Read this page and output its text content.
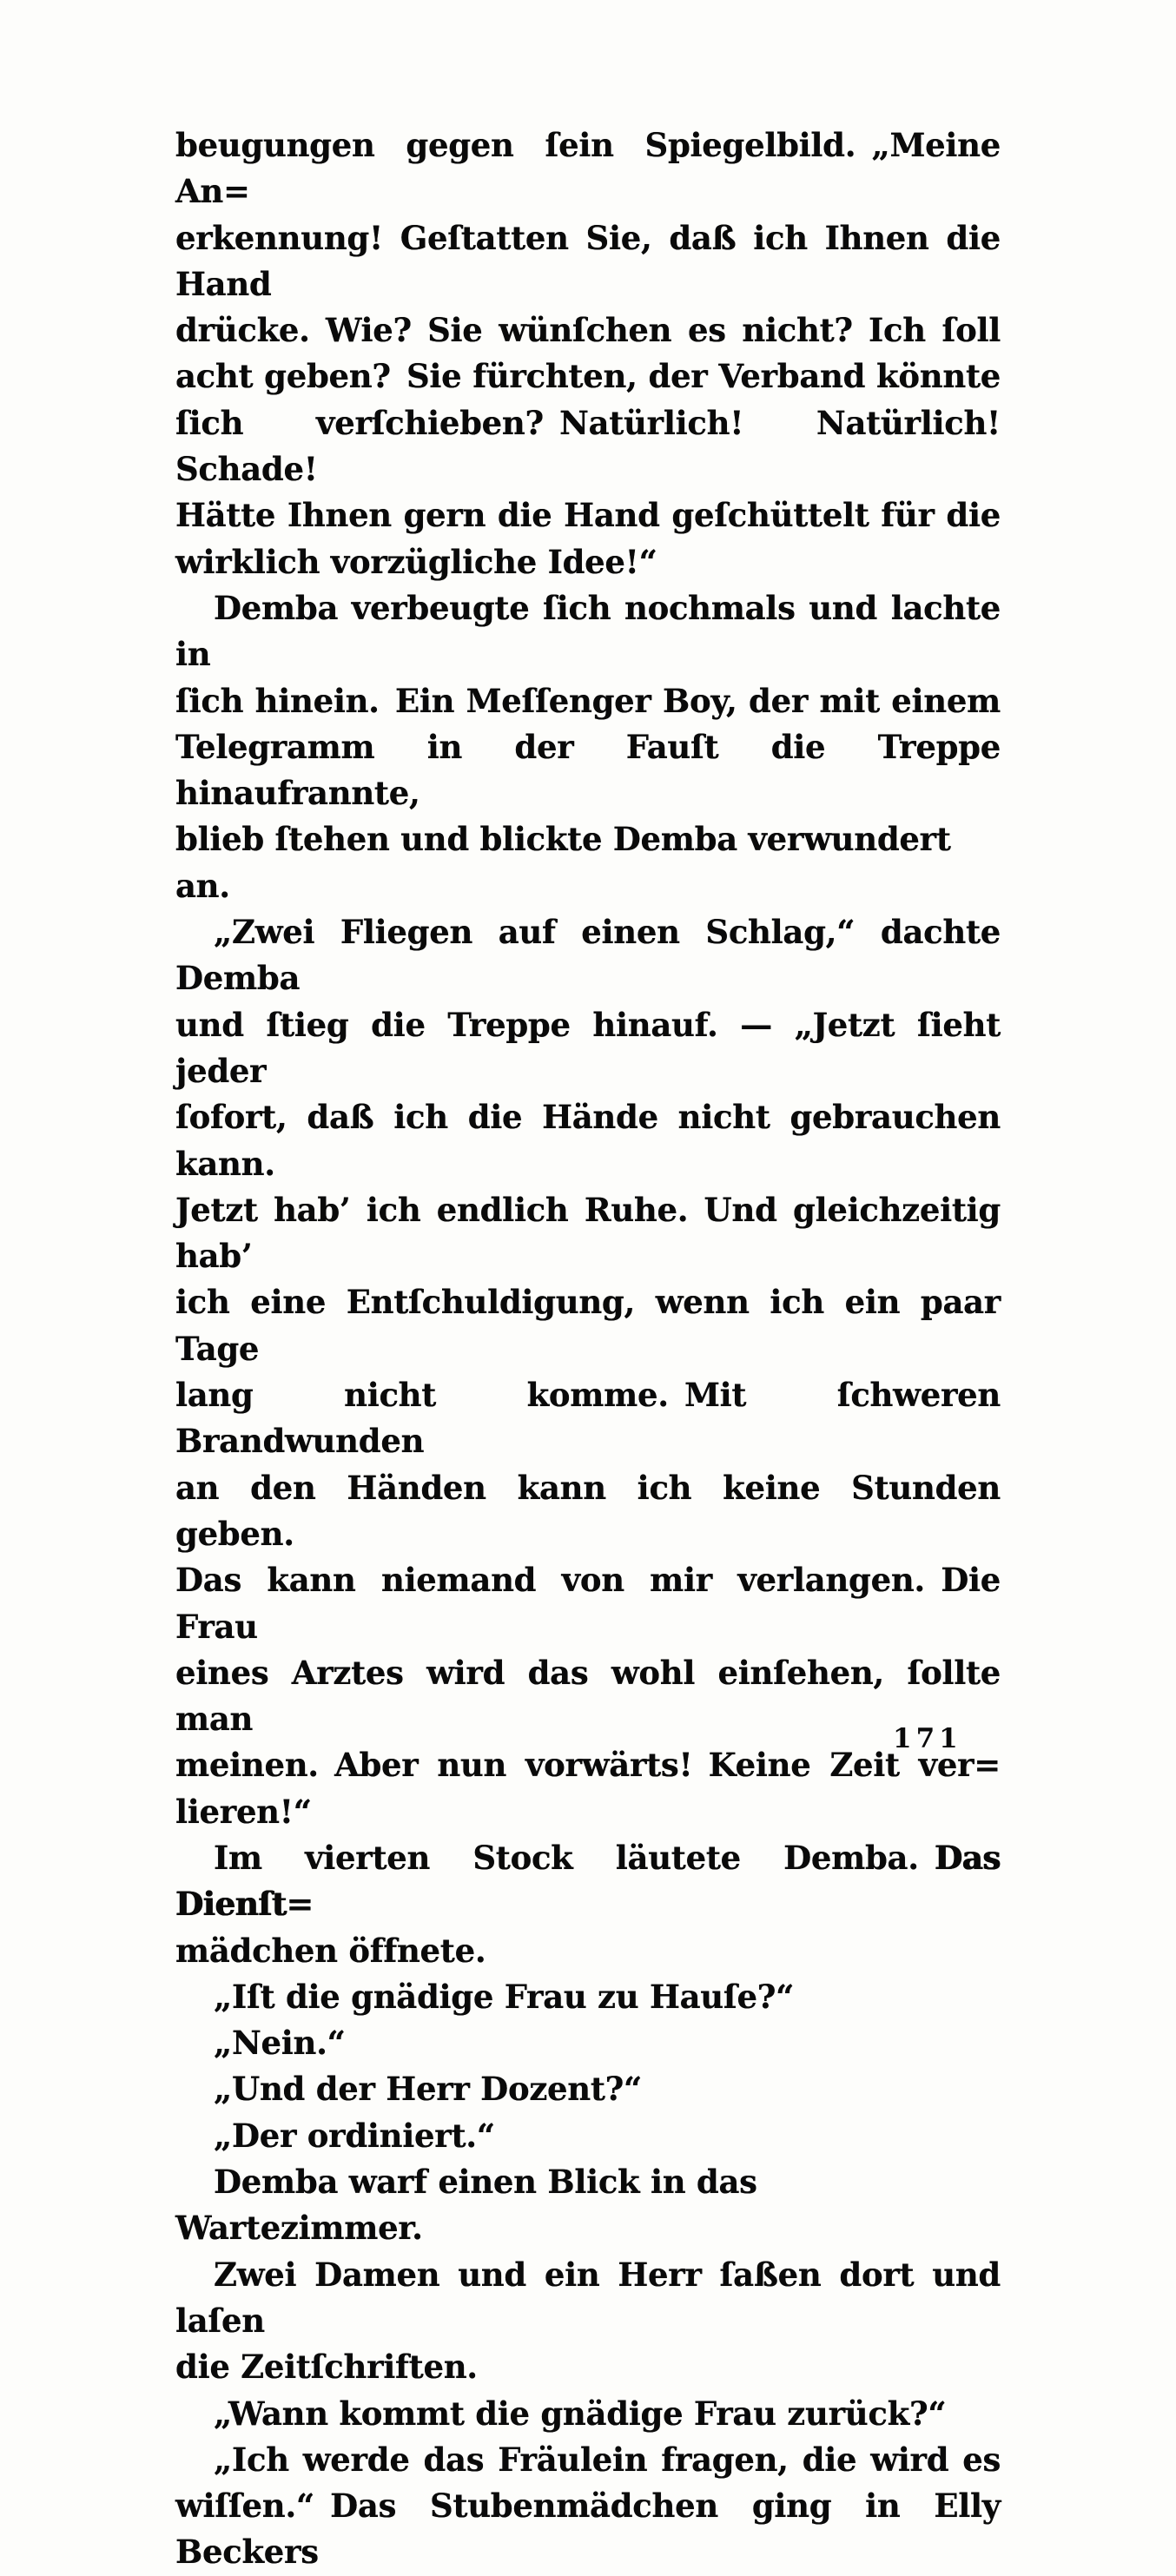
beugungen gegen ſein Spiegelbild. „Meine An=
erkennung! Geſtatten Sie, daß ich Ihnen die Hand
drücke. Wie? Sie wünſchen es nicht? Ich ſoll
acht geben? Sie fürchten, der Verband könnte
ſich verſchieben? Natürlich! Natürlich! Schade!
Hätte Ihnen gern die Hand geſchüttelt für die
wirklich vorzügliche Idee!“
Demba verbeugte ſich nochmals und lachte in
ſich hinein. Ein Meſſenger Boy, der mit einem
Telegramm in der Fauſt die Treppe hinaufrannte,
blieb ſtehen und blickte Demba verwundert an.
„Zwei Fliegen auf einen Schlag,“ dachte Demba
und ſtieg die Treppe hinauf. — „Jetzt ſieht jeder
ſofort, daß ich die Hände nicht gebrauchen kann.
Jetzt hab’ ich endlich Ruhe. Und gleichzeitig hab’
ich eine Entſchuldigung, wenn ich ein paar Tage
lang nicht komme. Mit ſchweren Brandwunden
an den Händen kann ich keine Stunden geben.
Das kann niemand von mir verlangen. Die Frau
eines Arztes wird das wohl einſehen, ſollte man
meinen. Aber nun vorwärts! Keine Zeit ver=
lieren!“
Im vierten Stock läutete Demba. Das Dienſt=
mädchen öffnete.
„Iſt die gnädige Frau zu Hauſe?“
„Nein.“
„Und der Herr Dozent?“
„Der ordiniert.“
Demba warf einen Blick in das Wartezimmer.
Zwei Damen und ein Herr ſaßen dort und laſen
die Zeitſchriften.
„Wann kommt die gnädige Frau zurück?“
„Ich werde das Fräulein fragen, die wird es
wiſſen.“ Das Stubenmädchen ging in Elly Beckers
171
